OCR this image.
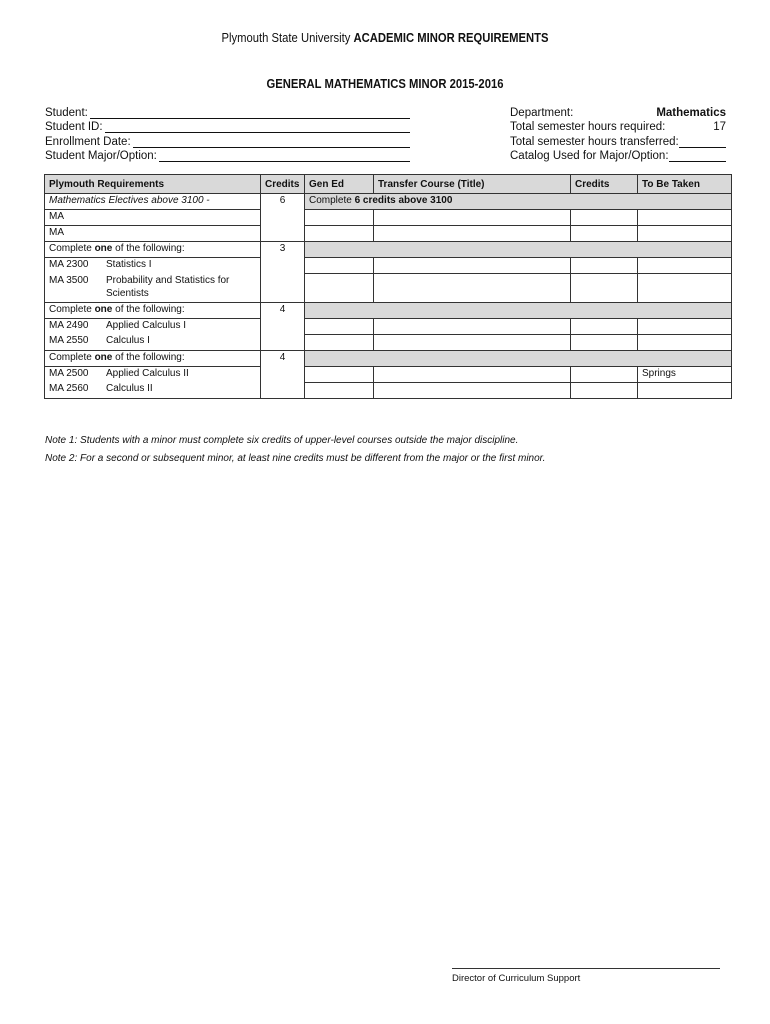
Plymouth State University ACADEMIC MINOR REQUIREMENTS
GENERAL MATHEMATICS MINOR 2015-2016
Student:
Student ID:
Enrollment Date:
Student Major/Option:
Department:	Mathematics
Total semester hours required:	17
Total semester hours transferred:
Catalog Used for Major/Option:
Plymouth Requirements	Credits	Gen Ed	Transfer Course (Title)	Credits	To Be Taken
Mathematics Electives above 3100 -	6	Complete 6 credits above 3100			
MA					
MA					
Complete one of the following:	3				

MA 2300 Statistics I					

MA 3500 Probability and Statistics for Scientists					

Complete one of the following:	4				

MA 2490 Applied Calculus I					

MA 2550 Calculus I					

Complete one of the following:	4				

MA 2500 Applied Calculus II					Springs

MA 2560 Calculus II					

Note 1: Students with a minor must complete six credits of upper-level courses outside the major discipline.
Note 2: For a second or subsequent minor, at least nine credits must be different from the major or the first minor.
Director of Curriculum Support
